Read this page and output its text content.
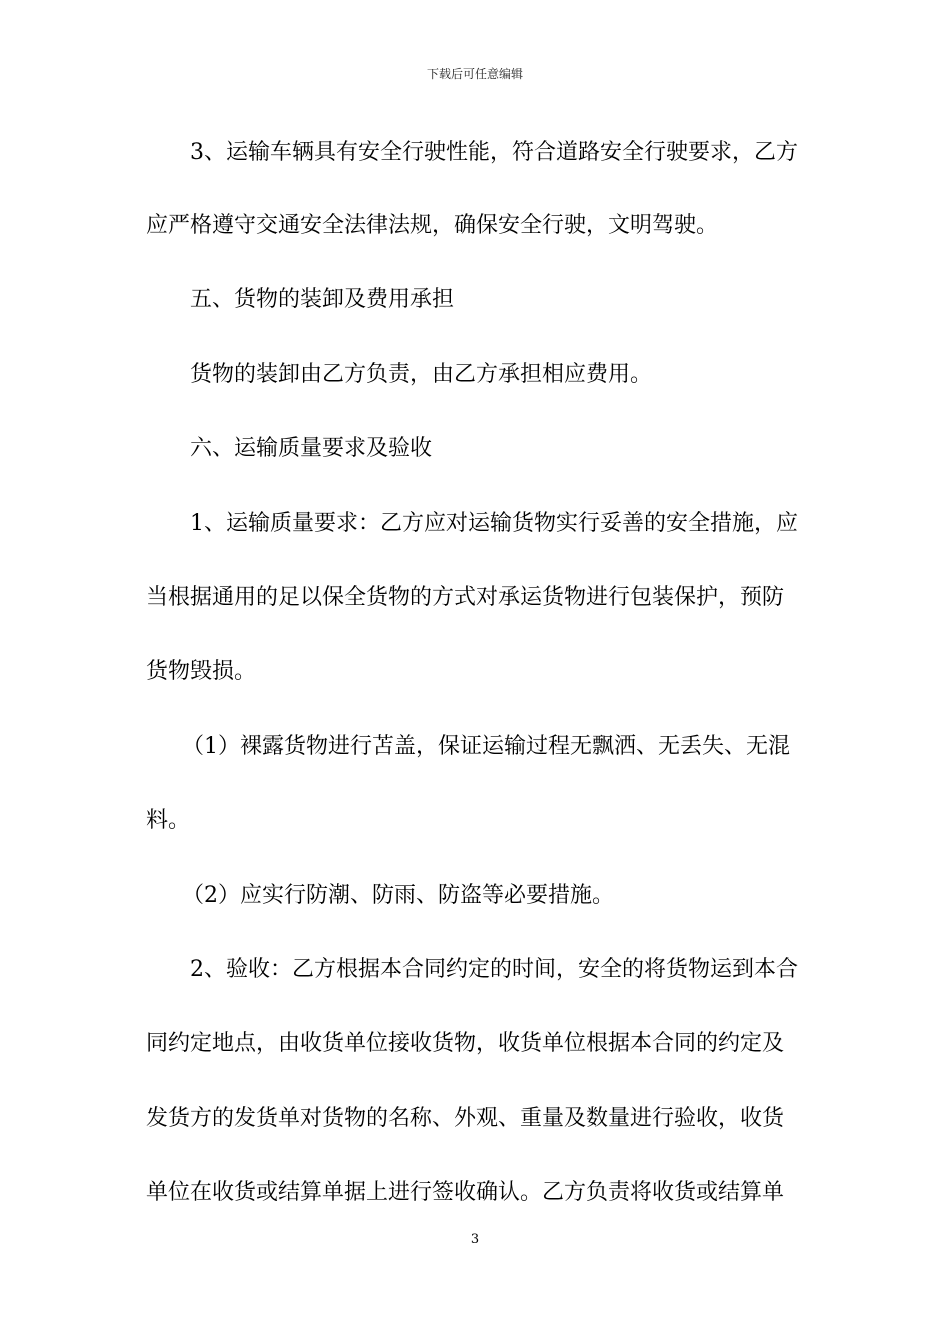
下载后可任意编辑
3、运输车辆具有安全行驶性能，符合道路安全行驶要求，乙方
应严格遵守交通安全法律法规，确保安全行驶，文明驾驶。
五、货物的装卸及费用承担
货物的装卸由乙方负责，由乙方承担相应费用。
六、运输质量要求及验收
1、运输质量要求：乙方应对运输货物实行妥善的安全措施，应
当根据通用的足以保全货物的方式对承运货物进行包装保护，预防
货物毁损。
（1）裸露货物进行苫盖，保证运输过程无飘洒、无丢失、无混
料。
（2）应实行防潮、防雨、防盗等必要措施。
2、验收：乙方根据本合同约定的时间，安全的将货物运到本合
同约定地点，由收货单位接收货物，收货单位根据本合同的约定及
发货方的发货单对货物的名称、外观、重量及数量进行验收，收货
单位在收货或结算单据上进行签收确认。乙方负责将收货或结算单
3
